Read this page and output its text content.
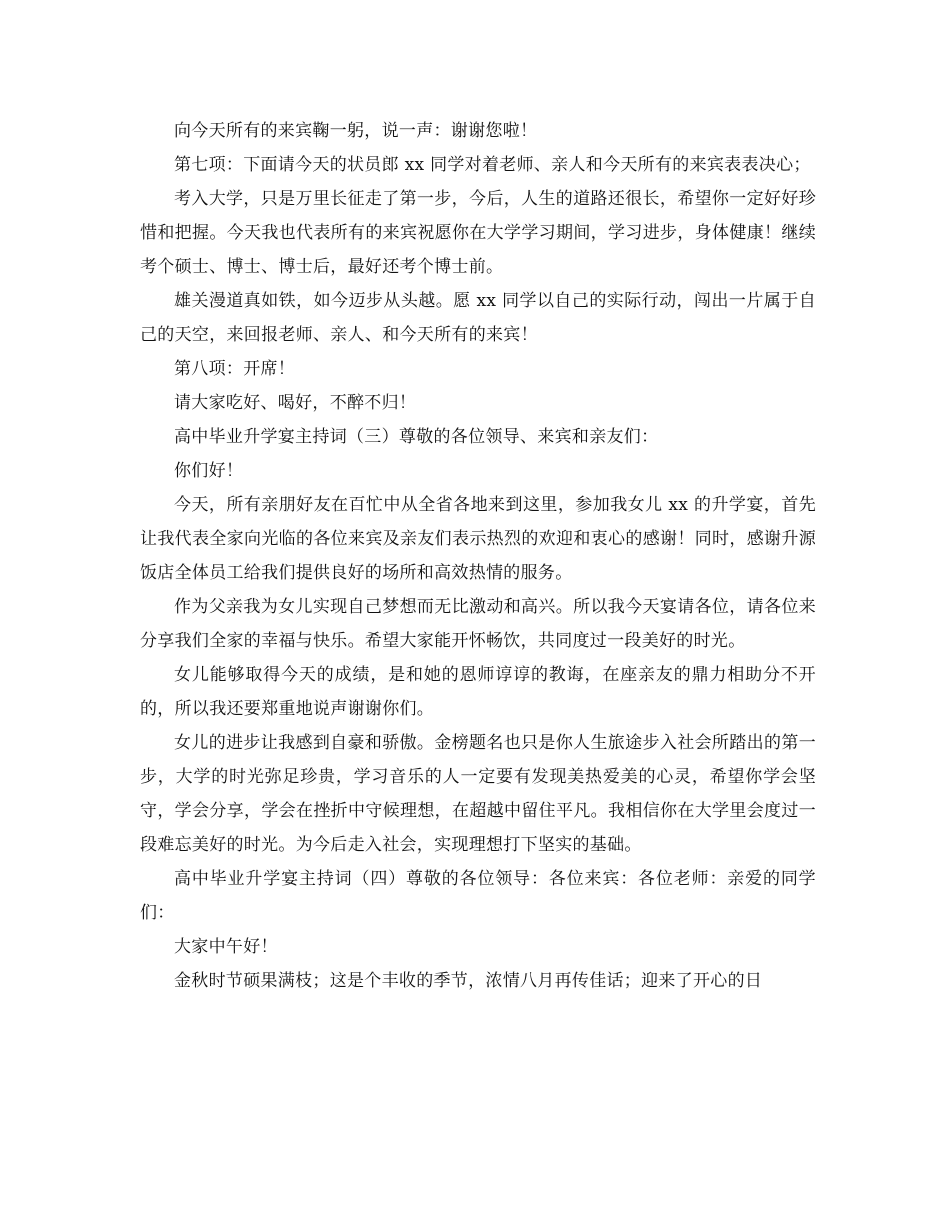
向今天所有的来宾鞠一躬，说一声：谢谢您啦！

第七项：下面请今天的状员郎 xx 同学对着老师、亲人和今天所有的来宾表表决心；

考入大学，只是万里长征走了第一步，今后，人生的道路还很长，希望你一定好好珍惜和把握。今天我也代表所有的来宾祝愿你在大学学习期间，学习进步，身体健康！继续考个硕士、博士、博士后，最好还考个博士前。

雄关漫道真如铁，如今迈步从头越。愿 xx 同学以自己的实际行动，闯出一片属于自己的天空，来回报老师、亲人、和今天所有的来宾！

第八项：开席！

请大家吃好、喝好，不醉不归！

高中毕业升学宴主持词（三）尊敬的各位领导、来宾和亲友们：

你们好！

今天，所有亲朋好友在百忙中从全省各地来到这里，参加我女儿 xx 的升学宴，首先让我代表全家向光临的各位来宾及亲友们表示热烈的欢迎和衷心的感谢！同时，感谢升源饭店全体员工给我们提供良好的场所和高效热情的服务。

作为父亲我为女儿实现自己梦想而无比激动和高兴。所以我今天宴请各位，请各位来分享我们全家的幸福与快乐。希望大家能开怀畅饮，共同度过一段美好的时光。

女儿能够取得今天的成绩，是和她的恩师谆谆的教诲，在座亲友的鼎力相助分不开的，所以我还要郑重地说声谢谢你们。

女儿的进步让我感到自豪和骄傲。金榜题名也只是你人生旅途步入社会所踏出的第一步，大学的时光弥足珍贵，学习音乐的人一定要有发现美热爱美的心灵，希望你学会坚守，学会分享，学会在挫折中守候理想，在超越中留住平凡。我相信你在大学里会度过一段难忘美好的时光。为今后走入社会，实现理想打下坚实的基础。

高中毕业升学宴主持词（四）尊敬的各位领导：各位来宾：各位老师：亲爱的同学们：

大家中午好！

金秋时节硕果满枝；这是个丰收的季节，浓情八月再传佳话；迎来了开心的日
